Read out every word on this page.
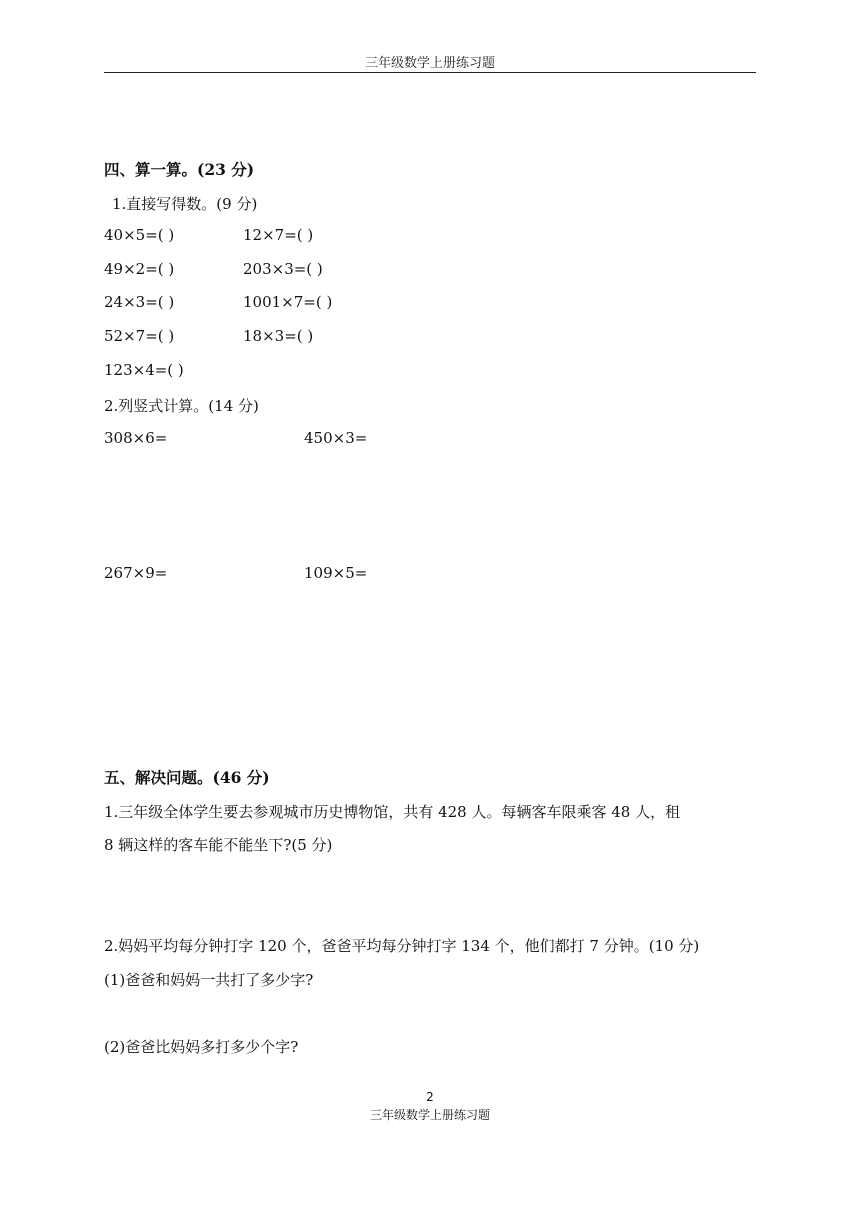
三年级数学上册练习题
四、算一算。(23 分)
1.直接写得数。(9 分)
40×5=( )	12×7=( )
49×2=( )	203×3=( )
24×3=( )	1001×7=( )
52×7=( )	18×3=( )
123×4=( )
2.列竖式计算。(14 分)
308×6=	450×3=
267×9=	109×5=
五、解决问题。(46 分)
1.三年级全体学生要去参观城市历史博物馆，共有 428 人。每辆客车限乘客 48 人，租
8 辆这样的客车能不能坐下?(5 分)
2.妈妈平均每分钟打字 120 个，爸爸平均每分钟打字 134 个，他们都打 7 分钟。(10 分)
(1)爸爸和妈妈一共打了多少字?
(2)爸爸比妈妈多打多少个字?
2
三年级数学上册练习题
